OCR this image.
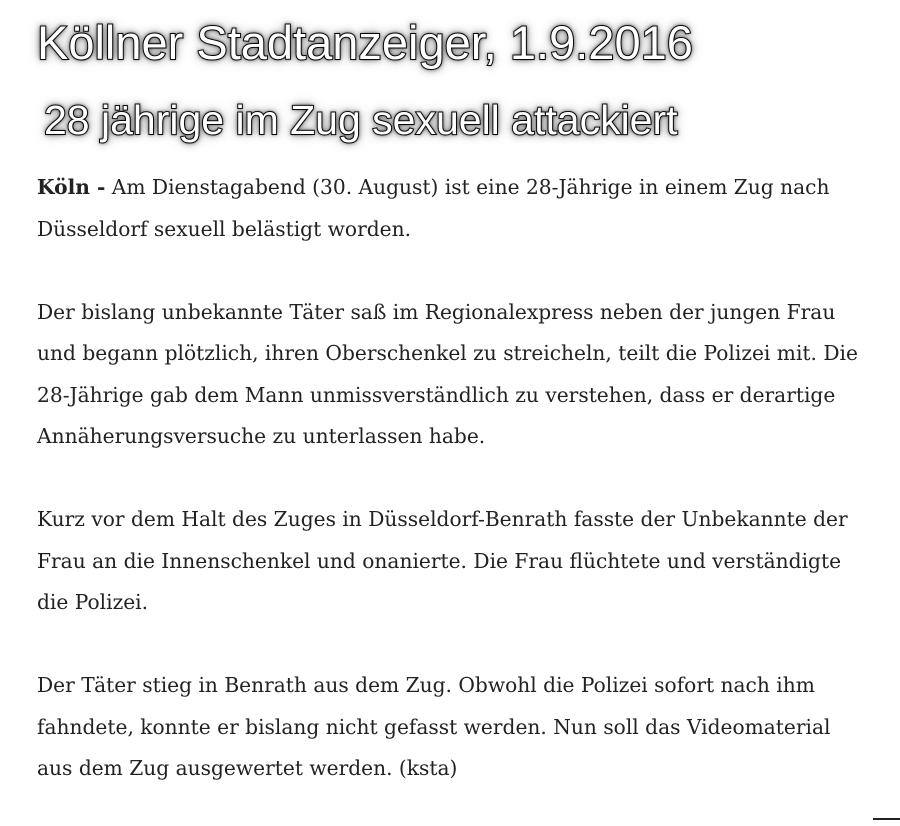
Köllner Stadtanzeiger, 1.9.2016
28 jährige im Zug sexuell attackiert

Köln - Am Dienstagabend (30. August) ist eine 28-Jährige in einem Zug nach Düsseldorf sexuell belästigt worden.

Der bislang unbekannte Täter saß im Regionalexpress neben der jungen Frau und begann plötzlich, ihren Oberschenkel zu streicheln, teilt die Polizei mit. Die 28-Jährige gab dem Mann unmissverständlich zu verstehen, dass er derartige Annäherungsversuche zu unterlassen habe.

Kurz vor dem Halt des Zuges in Düsseldorf-Benrath fasste der Unbekannte der Frau an die Innenschenkel und onanierte. Die Frau flüchtete und verständigte die Polizei.

Der Täter stieg in Benrath aus dem Zug. Obwohl die Polizei sofort nach ihm fahndete, konnte er bislang nicht gefasst werden. Nun soll das Videomaterial aus dem Zug ausgewertet werden. (ksta)
